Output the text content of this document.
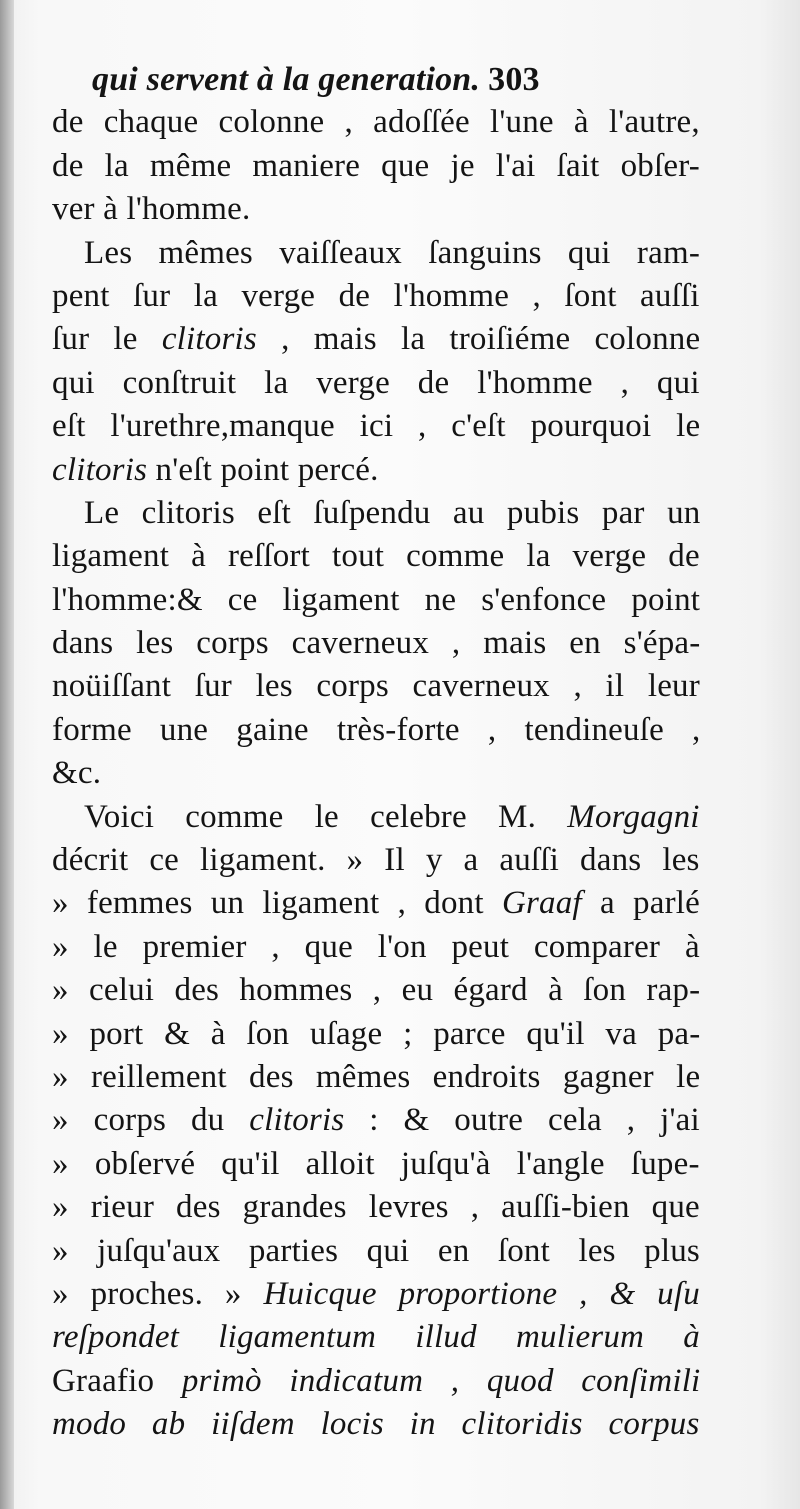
qui servent à la generation. 303
de chaque colonne , adoſſée l'une à l'autre,
de la même maniere que je l'ai ſait obſer-
ver à l'homme.
Les mêmes vaiſſeaux ſanguins qui ram-
pent ſur la verge de l'homme , ſont auſſi
ſur le clitoris , mais la troiſiéme colonne
qui conſtruit la verge de l'homme , qui
eſt l'urethre,manque ici , c'eſt pourquoi le
clitoris n'eſt point percé.
Le clitoris eſt ſuſpendu au pubis par un
ligament à reſſort tout comme la verge de
l'homme:& ce ligament ne s'enfonce point
dans les corps caverneux , mais en s'épa-
noüiſſant ſur les corps caverneux , il leur
forme une gaine très-forte , tendineuſe ,
&c.
Voici comme le celebre M. Morgagni
décrit ce ligament. » Il y a auſſi dans les
» femmes un ligament , dont Graaf a parlé
» le premier , que l'on peut comparer à
» celui des hommes , eu égard à ſon rap-
» port & à ſon uſage ; parce qu'il va pa-
» reillement des mêmes endroits gagner le
» corps du clitoris : & outre cela , j'ai
» obſervé qu'il alloit juſqu'à l'angle ſupe-
» rieur des grandes levres , auſſi-bien que
» juſqu'aux parties qui en ſont les plus
» proches. » Huicque proportione , & uſu
reſpondet ligamentum illud mulierum à
Graafio primò indicatum , quod conſimili
modo ab iiſdem locis in clitoridis corpus
